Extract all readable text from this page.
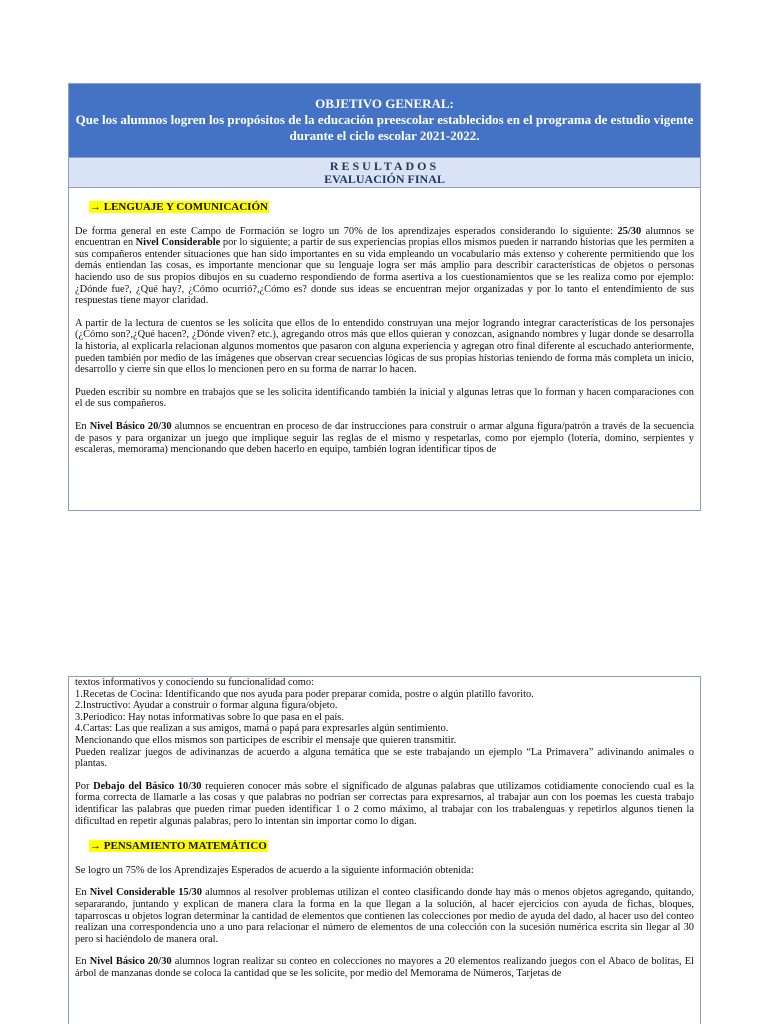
OBJETIVO GENERAL:
Que los alumnos logren los propósitos de la educación preescolar establecidos en el programa de estudio vigente durante el ciclo escolar 2021-2022.
RESULTADOS
EVALUACIÓN FINAL
→ LENGUAJE Y COMUNICACIÓN

De forma general en este Campo de Formación se logro un 70% de los aprendizajes esperados considerando lo siguiente: 25/30 alumnos se encuentran en Nivel Considerable por lo siguiente; a partir de sus experiencias propias ellos mismos pueden ir narrando historias que les permiten a sus compañeros entender situaciones que han sido importantes en su vida empleando un vocabulario más extenso y coherente permitiendo que los demás entiendan las cosas, es importante mencionar que su lenguaje logra ser más amplio para describir características de objetos o personas haciendo uso de sus propios dibujos en su cuaderno respondiendo de forma asertiva a los cuestionamientos que se les realiza como por ejemplo: ¿Dónde fue?, ¿Qué hay?, ¿Cómo ocurrió?,¿Cómo es? donde sus ideas se encuentran mejor organizadas y por lo tanto el entendimiento de sus respuestas tiene mayor claridad.

A partir de la lectura de cuentos se les solicita que ellos de lo entendido construyan una mejor logrando integrar características de los personajes (¿Cómo son?,¿Qué hacen?, ¿Dónde viven? etc.), agregando otros más que ellos quieran y conozcan, asignando nombres y lugar donde se desarrolla la historia, al explicarla relacionan algunos momentos que pasaron con alguna experiencia y agregan otro final diferente al escuchado anteriormente, pueden también por medio de las imágenes que observan crear secuencias lógicas de sus propias historias teniendo de forma más completa un inicio, desarrollo y cierre sin que ellos lo mencionen pero en su forma de narrar lo hacen.

Pueden escribir su nombre en trabajos que se les solicita identificando también la inicial y algunas letras que lo forman y hacen comparaciones con el de sus compañeros.

En Nivel Básico 20/30 alumnos se encuentran en proceso de dar instrucciones para construir o armar alguna figura/patrón a través de la secuencia de pasos y para organizar un juego que implique seguir las reglas de el mismo y respetarlas, como por ejemplo (lotería, domino, serpientes y escaleras, memorama) mencionando que deben hacerlo en equipo, también logran identificar tipos de

textos informativos y conociendo su funcionalidad como:
1.Recetas de Cocina: Identificando que nos ayuda para poder preparar comida, postre o algún platillo favorito.
2.Instructivo: Ayudar a construir o formar alguna figura/objeto.
3.Periodico: Hay notas informativas sobre lo que pasa en el país.
4.Cartas: Las que realizan a sus amigos, mamá o papá para expresarles algún sentimiento.
Mencionando que ellos mismos son participes de escribir el mensaje que quieren transmitir.

Pueden realizar juegos de adivinanzas de acuerdo a alguna temática que se este trabajando un ejemplo “La Primavera” adivinando animales o plantas.

Por Debajo del Básico 10/30 requieren conocer más sobre el significado de algunas palabras que utilizamos cotidiamente conociendo cual es la forma correcta de llamarle a las cosas y que palabras no podrían ser correctas para expresarnos, al trabajar aun con los poemas les cuesta trabajo identificar las palabras que pueden rimar pueden identificar 1 o 2 como máximo, al trabajar con los trabalenguas y repetirlos algunos tienen la dificultad en repetir algunas palabras, pero lo intentan sin importar como lo digan.

→ PENSAMIENTO MATEMÁTICO

Se logro un 75% de los Aprendizajes Esperados de acuerdo a la siguiente información obtenida:

En Nivel Considerable 15/30 alumnos al resolver problemas utilizan el conteo clasificando donde hay más o menos objetos agregando, quitando, separarando, juntando y explican de manera clara la forma en la que llegan a la solución, al hacer ejercicios con ayuda de fichas, bloques, taparroscas u objetos logran determinar la cantidad de elementos que contienen las colecciones por medio de ayuda del dado, al hacer uso del conteo realizan una correspondencia uno a uno para relacionar el número de elementos de una colección con la sucesión numérica escrita sin llegar al 30 pero si haciéndolo de manera oral.

En Nivel Básico 20/30 alumnos logran realizar su conteo en colecciones no mayores a 20 elementos realizando juegos con el Abaco de bolitas, El árbol de manzanas donde se coloca la cantidad que se les solicite, por medio del Memorama de Números, Tarjetas de
